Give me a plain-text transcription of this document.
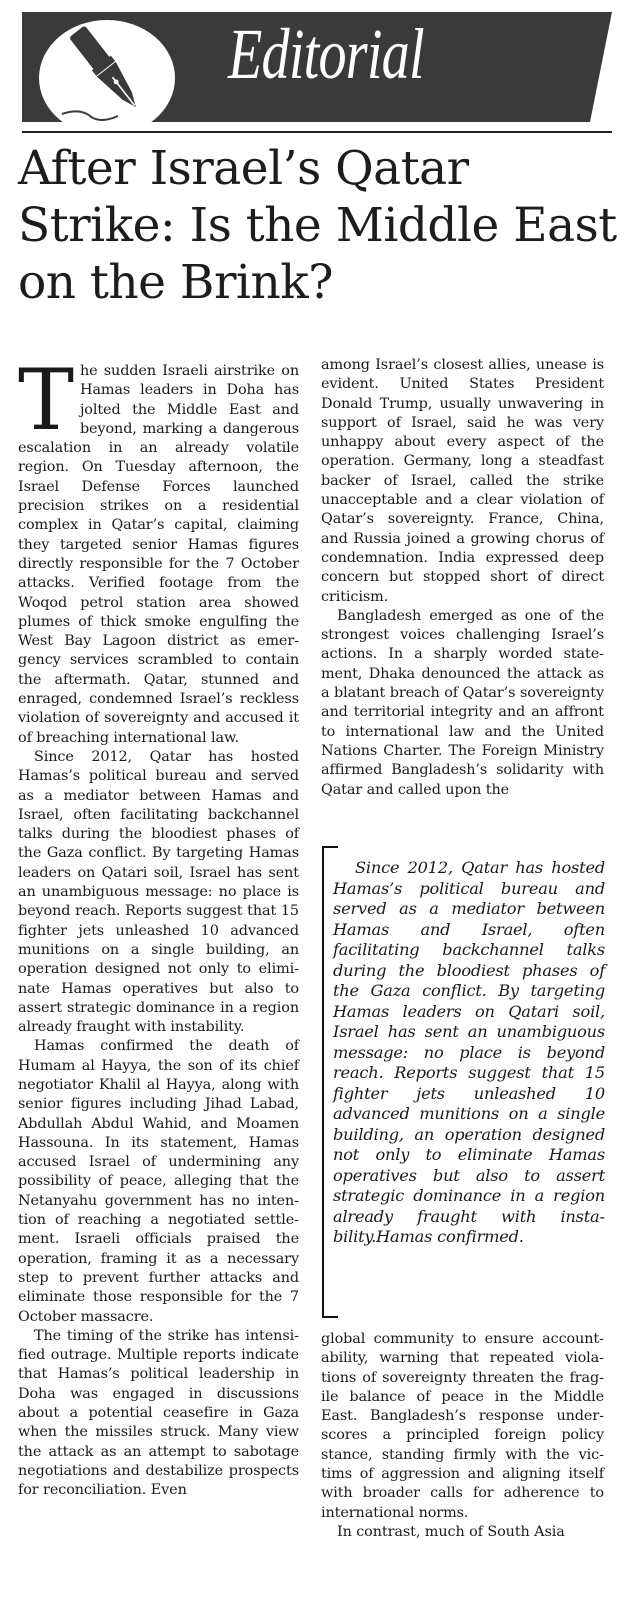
Editorial
After Israel’s Qatar Strike: Is the Middle East on the Brink?

The sudden Israeli airstrike on Hamas leaders in Doha has jolted the Middle East and beyond, marking a dangerous escalation in an already volatile region. On Tuesday afternoon, the Israel Defense Forces launched precision strikes on a residential complex in Qatar’s capital, claiming they targeted senior Hamas figures directly responsible for the 7 October attacks. Verified footage from the Woqod petrol station area showed plumes of thick smoke engulfing the West Bay Lagoon district as emergency services scrambled to contain the aftermath. Qatar, stunned and enraged, condemned Israel’s reckless violation of sovereignty and accused it of breaching international law.

Since 2012, Qatar has hosted Hamas’s political bureau and served as a mediator between Hamas and Israel, often facilitating backchannel talks during the bloodiest phases of the Gaza conflict. By targeting Hamas leaders on Qatari soil, Israel has sent an unambiguous message: no place is beyond reach. Reports suggest that 15 fighter jets unleashed 10 advanced munitions on a single building, an operation designed not only to eliminate Hamas operatives but also to assert strategic dominance in a region already fraught with instability.

Hamas confirmed the death of Humam al Hayya, the son of its chief negotiator Khalil al Hayya, along with senior figures including Jihad Labad, Abdullah Abdul Wahid, and Moamen Hassouna. In its statement, Hamas accused Israel of undermining any possibility of peace, alleging that the Netanyahu government has no intention of reaching a negotiated settlement. Israeli officials praised the operation, framing it as a necessary step to prevent further attacks and eliminate those responsible for the 7 October massacre.

The timing of the strike has intensified outrage. Multiple reports indicate that Hamas’s political leadership in Doha was engaged in discussions about a potential ceasefire in Gaza when the missiles struck. Many view the attack as an attempt to sabotage negotiations and destabilize prospects for reconciliation. Even

among Israel’s closest allies, unease is evident. United States President Donald Trump, usually unwavering in support of Israel, said he was very unhappy about every aspect of the operation. Germany, long a steadfast backer of Israel, called the strike unacceptable and a clear violation of Qatar’s sovereignty. France, China, and Russia joined a growing chorus of condemnation. India expressed deep concern but stopped short of direct criticism.

Bangladesh emerged as one of the strongest voices challenging Israel’s actions. In a sharply worded statement, Dhaka denounced the attack as a blatant breach of Qatar’s sovereignty and territorial integrity and an affront to international law and the United Nations Charter. The Foreign Ministry affirmed Bangladesh’s solidarity with Qatar and called upon the

Since 2012, Qatar has hosted Hamas’s political bureau and served as a mediator between Hamas and Israel, often facilitating backchannel talks during the bloodiest phases of the Gaza conflict. By targeting Hamas leaders on Qatari soil, Israel has sent an unambiguous message: no place is beyond reach. Reports suggest that 15 fighter jets unleashed 10 advanced munitions on a single building, an operation designed not only to eliminate Hamas operatives but also to assert strategic dominance in a region already fraught with instability.Hamas confirmed.

global community to ensure accountability, warning that repeated violations of sovereignty threaten the fragile balance of peace in the Middle East. Bangladesh’s response underscores a principled foreign policy stance, standing firmly with the victims of aggression and aligning itself with broader calls for adherence to international norms.

In contrast, much of South Asia
